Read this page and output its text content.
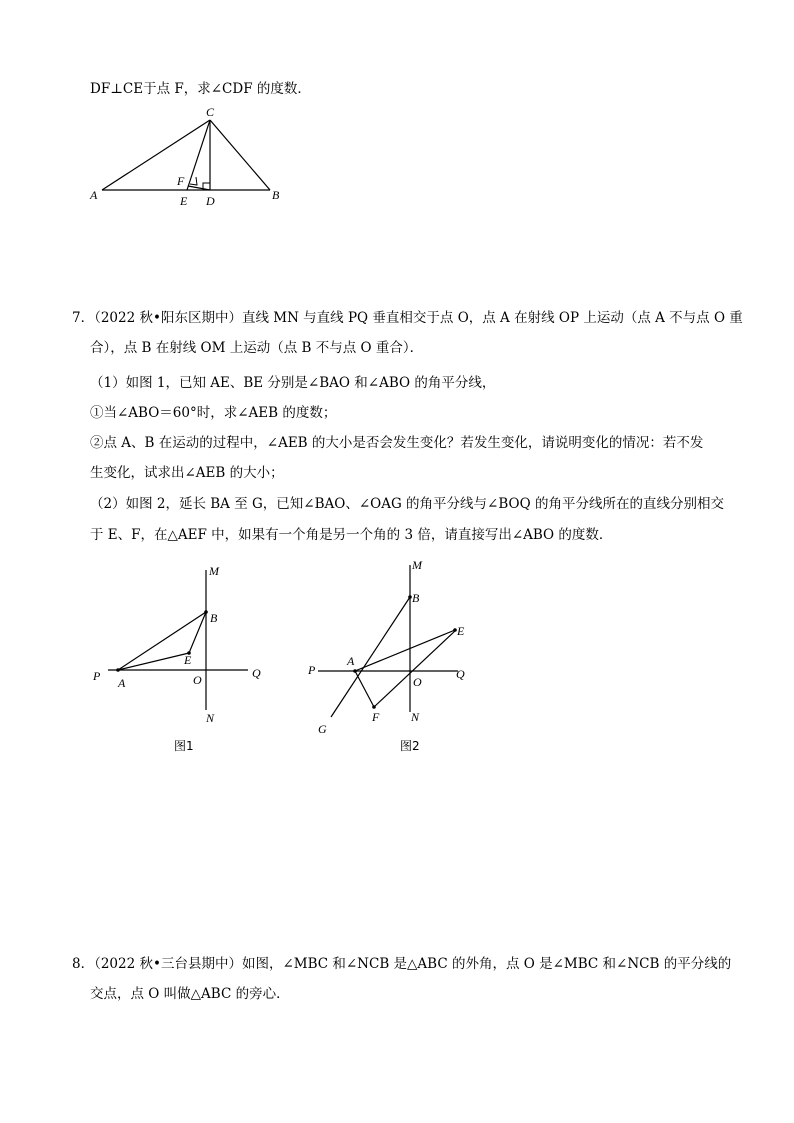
DF⊥CE于点 F，求∠CDF 的度数．
C
A	B
F
E D
7．（2022 秋•阳东区期中）直线 MN 与直线 PQ 垂直相交于点 O，点 A 在射线 OP 上运动（点 A 不与点 O 重
合），点 B 在射线 OM 上运动（点 B 不与点 O 重合）．
（1）如图 1，已知 AE、BE 分别是∠BAO 和∠ABO 的角平分线，
①当∠ABO＝60°时，求∠AEB 的度数；
②点 A、B 在运动的过程中，∠AEB 的大小是否会发生变化？若发生变化，请说明变化的情况：若不发
生变化，试求出∠AEB 的大小；
（2）如图 2，延长 BA 至 G，已知∠BAO、∠OAG 的角平分线与∠BOQ 的角平分线所在的直线分别相交
于 E、F，在△AEF 中，如果有一个角是另一个角的 3 倍，请直接写出∠ABO 的度数．
M
B
E
P A	O	Q
N
图1
M
B
E
P
A
O
Q
F	N
G
图2
8．（2022 秋•三台县期中）如图，∠MBC 和∠NCB 是△ABC 的外角，点 O 是∠MBC 和∠NCB 的平分线的
交点，点 O 叫做△ABC 的旁心．
